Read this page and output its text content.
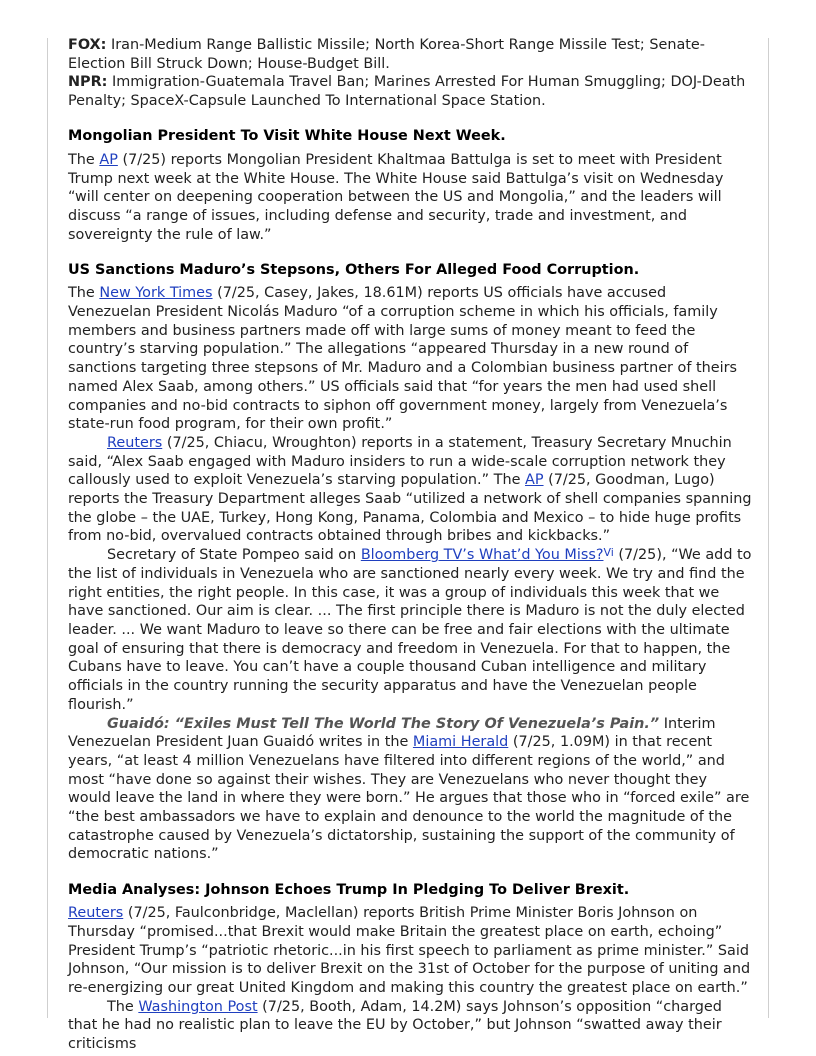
FOX: Iran-Medium Range Ballistic Missile; North Korea-Short Range Missile Test; Senate-Election Bill Struck Down; House-Budget Bill.

NPR: Immigration-Guatemala Travel Ban; Marines Arrested For Human Smuggling; DOJ-Death Penalty; SpaceX-Capsule Launched To International Space Station.

Mongolian President To Visit White House Next Week.

The AP (7/25) reports Mongolian President Khaltmaa Battulga is set to meet with President Trump next week at the White House. The White House said Battulga’s visit on Wednesday “will center on deepening cooperation between the US and Mongolia,” and the leaders will discuss “a range of issues, including defense and security, trade and investment, and sovereignty the rule of law.”

US Sanctions Maduro’s Stepsons, Others For Alleged Food Corruption.

The New York Times (7/25, Casey, Jakes, 18.61M) reports US officials have accused Venezuelan President Nicolás Maduro “of a corruption scheme in which his officials, family members and business partners made off with large sums of money meant to feed the country’s starving population.” The allegations “appeared Thursday in a new round of sanctions targeting three stepsons of Mr. Maduro and a Colombian business partner of theirs named Alex Saab, among others.” US officials said that “for years the men had used shell companies and no-bid contracts to siphon off government money, largely from Venezuela’s state-run food program, for their own profit.”

Reuters (7/25, Chiacu, Wroughton) reports in a statement, Treasury Secretary Mnuchin said, “Alex Saab engaged with Maduro insiders to run a wide-scale corruption network they callously used to exploit Venezuela’s starving population.” The AP (7/25, Goodman, Lugo) reports the Treasury Department alleges Saab “utilized a network of shell companies spanning the globe – the UAE, Turkey, Hong Kong, Panama, Colombia and Mexico – to hide huge profits from no-bid, overvalued contracts obtained through bribes and kickbacks.”

Secretary of State Pompeo said on Bloomberg TV’s What’d You Miss?$^{Vi}$ (7/25), “We add to the list of individuals in Venezuela who are sanctioned nearly every week. We try and find the right entities, the right people. In this case, it was a group of individuals this week that we have sanctioned. Our aim is clear. ... The first principle there is Maduro is not the duly elected leader. ... We want Maduro to leave so there can be free and fair elections with the ultimate goal of ensuring that there is democracy and freedom in Venezuela. For that to happen, the Cubans have to leave. You can’t have a couple thousand Cuban intelligence and military officials in the country running the security apparatus and have the Venezuelan people flourish.”

Guaidó: “Exiles Must Tell The World The Story Of Venezuela’s Pain.” Interim Venezuelan President Juan Guaidó writes in the Miami Herald (7/25, 1.09M) in that recent years, “at least 4 million Venezuelans have filtered into different regions of the world,” and most “have done so against their wishes. They are Venezuelans who never thought they would leave the land in where they were born.” He argues that those who in “forced exile” are “the best ambassadors we have to explain and denounce to the world the magnitude of the catastrophe caused by Venezuela’s dictatorship, sustaining the support of the community of democratic nations.”

Media Analyses: Johnson Echoes Trump In Pledging To Deliver Brexit.

Reuters (7/25, Faulconbridge, Maclellan) reports British Prime Minister Boris Johnson on Thursday “promised...that Brexit would make Britain the greatest place on earth, echoing” President Trump’s “patriotic rhetoric...in his first speech to parliament as prime minister.” Said Johnson, “Our mission is to deliver Brexit on the 31st of October for the purpose of uniting and re-energizing our great United Kingdom and making this country the greatest place on earth.”

The Washington Post (7/25, Booth, Adam, 14.2M) says Johnson’s opposition “charged that he had no realistic plan to leave the EU by October,” but Johnson “swatted away their criticisms
